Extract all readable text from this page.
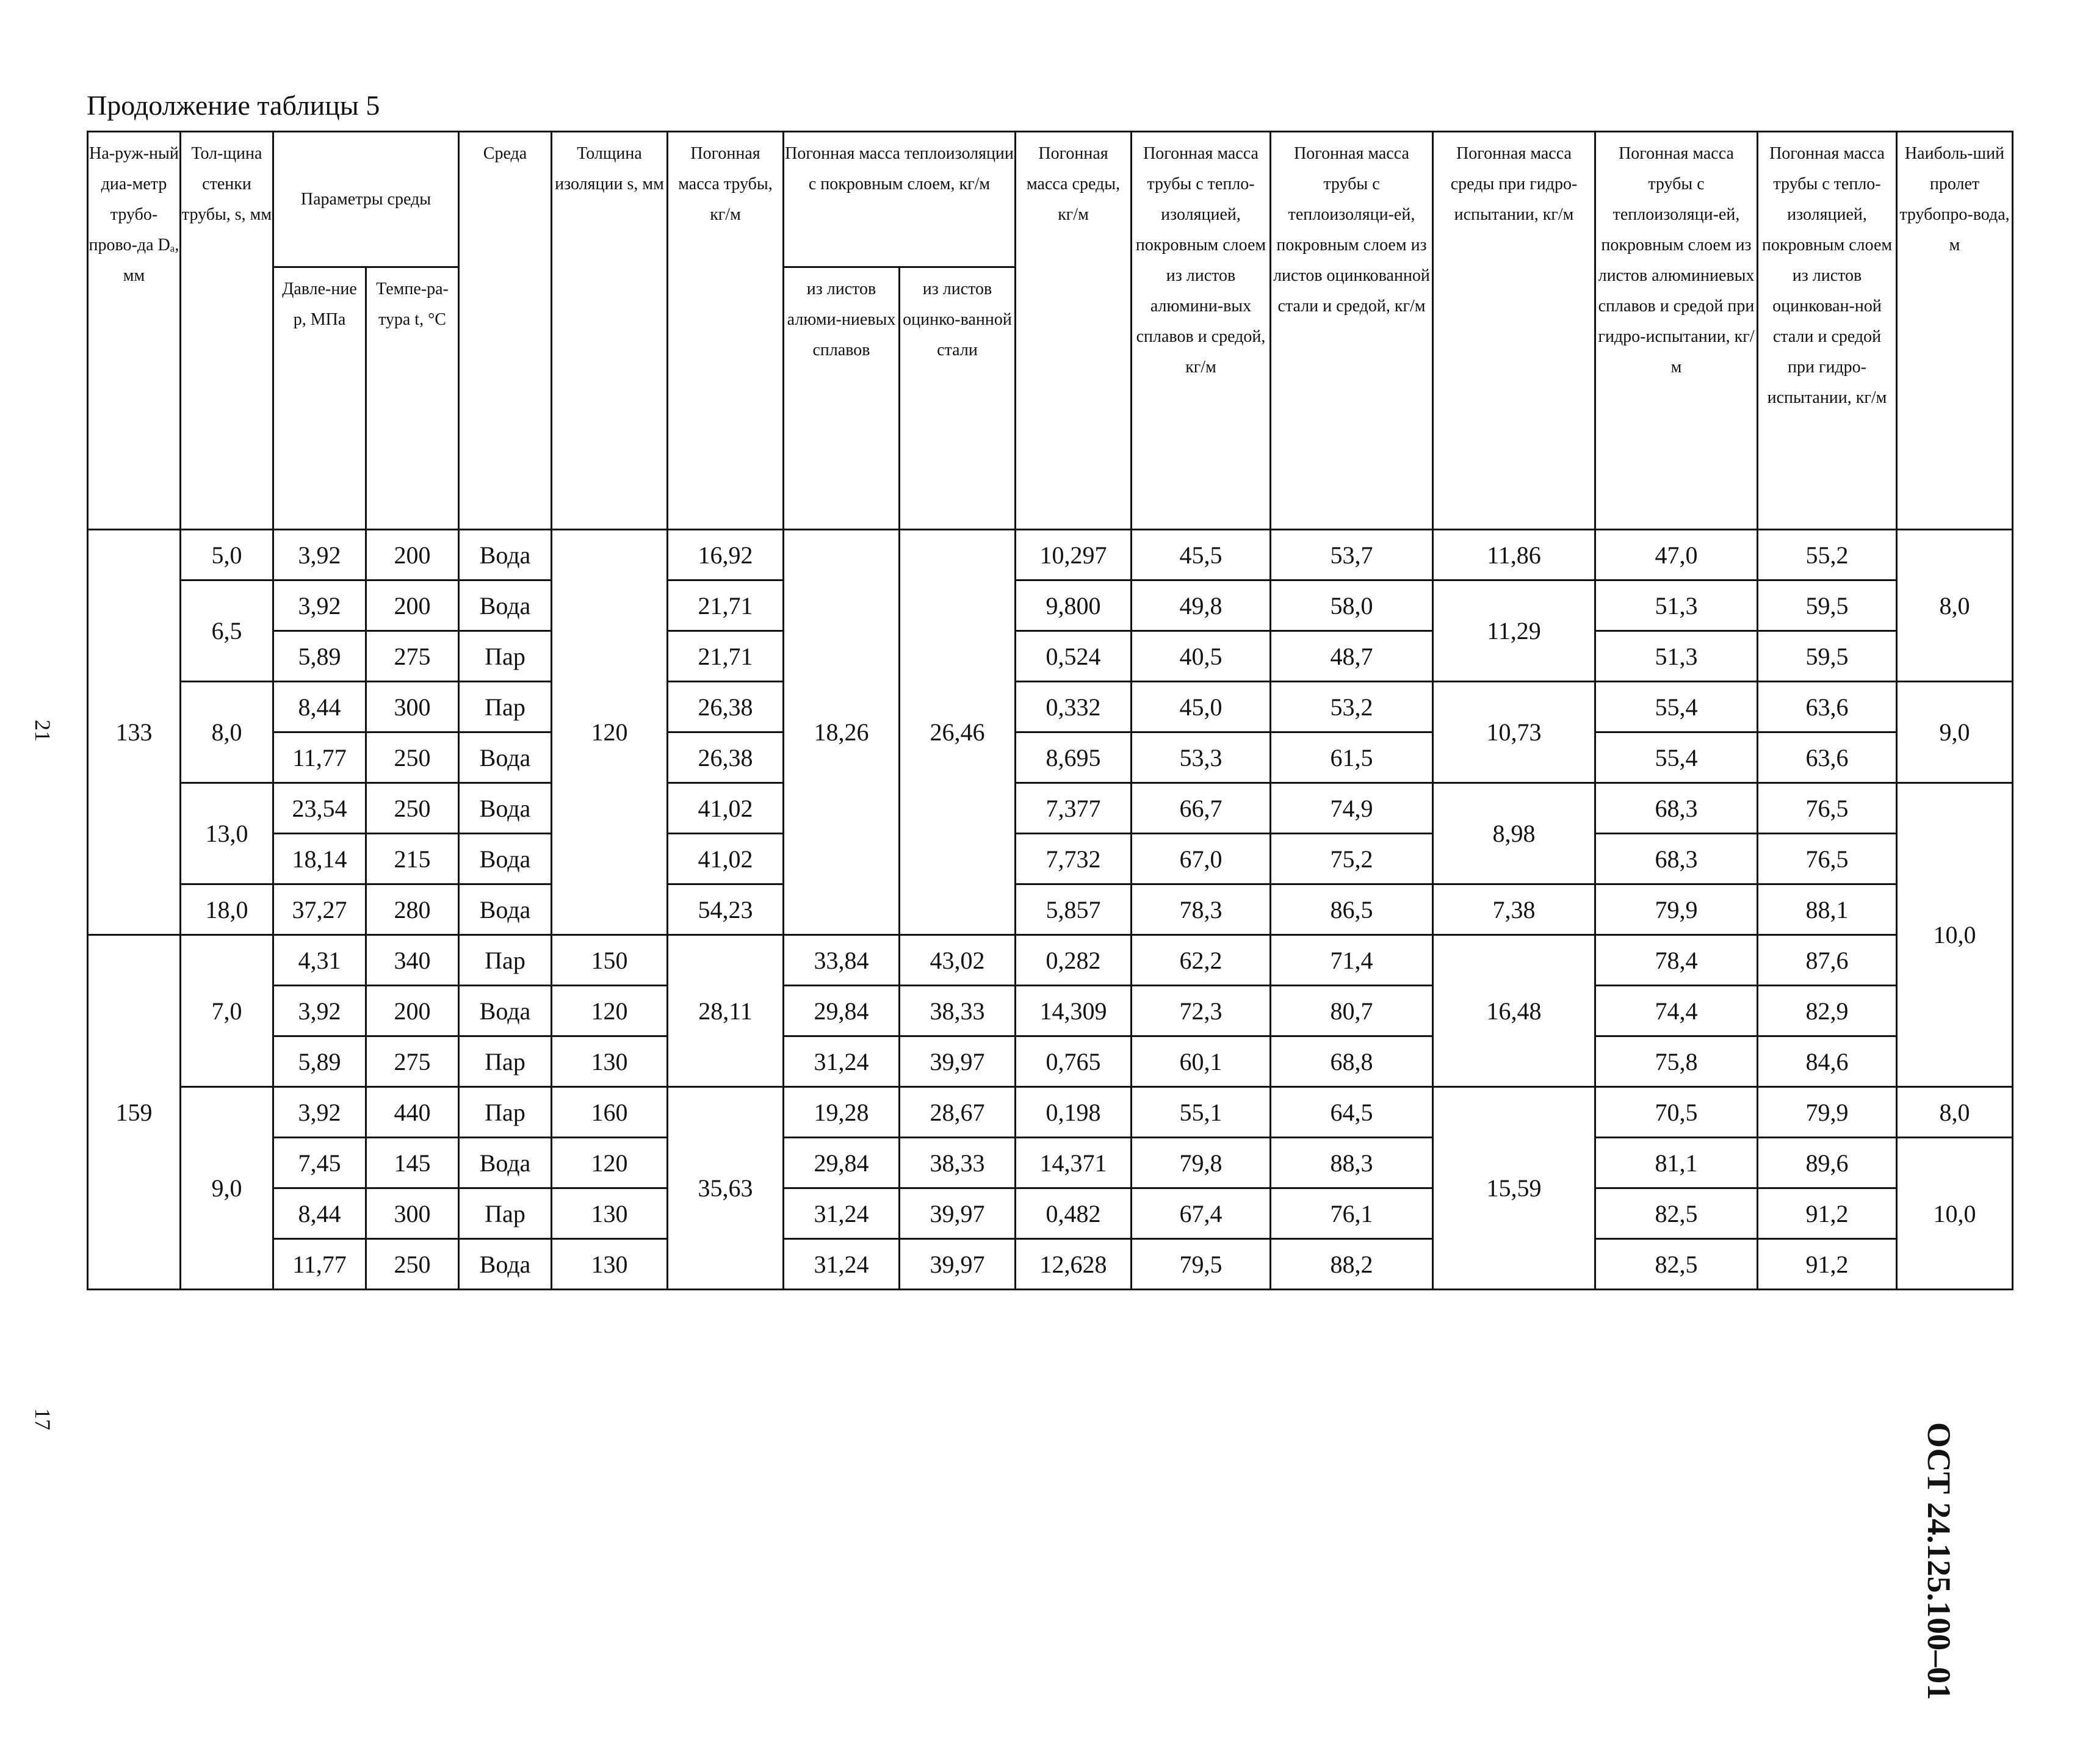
Продолжение таблицы 5
На-руж-ный диа-метр трубо-прово-да Dₐ, мм	Тол-щина стенки трубы, s, мм	Параметры среды		Среда	Толщина изоляции s, мм	Погонная масса трубы, кг/м	Погонная масса теплоизоляции с покровным слоем, кг/м		Погонная масса среды, кг/м	Погонная масса трубы с тепло-изоляцией, покровным слоем из листов алюмини-вых сплавов и средой, кг/м	Погонная масса трубы с теплоизоляци-ей, покровным слоем из листов оцинкованной стали и средой, кг/м	Погонная масса среды при гидро-испытании, кг/м	Погонная масса трубы с теплоизоляци-ей, покровным слоем из листов алюминиевых сплавов и средой при гидро-испытании, кг/м	Погонная масса трубы с тепло-изоляцией, покровным слоем из листов оцинкован-ной стали и средой при гидро-испытании, кг/м	Наиболь-ший пролет трубопро-вода, м
		Давле-ние p, МПа	Темпе-ра-тура t, °С				из листов алюми-ниевых сплавов	из листов оцинко-ванной стали							
133	5,0	3,92	200	Вода	120	16,92	18,26	26,46	10,297	45,5	53,7	11,86	47,0	55,2	8,0
	6,5	3,92	200	Вода		21,71			9,800	49,8	58,0	11,29	51,3	59,5	
		5,89	275	Пар		21,71			0,524	40,5	48,7		51,3	59,5	
	8,0	8,44	300	Пар		26,38			0,332	45,0	53,2	10,73	55,4	63,6	9,0
		11,77	250	Вода		26,38			8,695	53,3	61,5		55,4	63,6	
	13,0	23,54	250	Вода		41,02			7,377	66,7	74,9	8,98	68,3	76,5	10,0
		18,14	215	Вода		41,02			7,732	67,0	75,2		68,3	76,5	
	18,0	37,27	280	Вода		54,23			5,857	78,3	86,5	7,38	79,9	88,1	
159	7,0	4,31	340	Пар	150	28,11	33,84	43,02	0,282	62,2	71,4	16,48	78,4	87,6	
		3,92	200	Вода	120		29,84	38,33	14,309	72,3	80,7		74,4	82,9	
		5,89	275	Пар	130		31,24	39,97	0,765	60,1	68,8		75,8	84,6	
	9,0	3,92	440	Пар	160	35,63	19,28	28,67	0,198	55,1	64,5	15,59	70,5	79,9	8,0
		7,45	145	Вода	120		29,84	38,33	14,371	79,8	88,3		81,1	89,6	10,0
		8,44	300	Пар	130		31,24	39,97	0,482	67,4	76,1		82,5	91,2	
		11,77	250	Вода	130		31,24	39,97	12,628	79,5	88,2		82,5	91,2	
21
17
ОСТ 24.125.100–01
